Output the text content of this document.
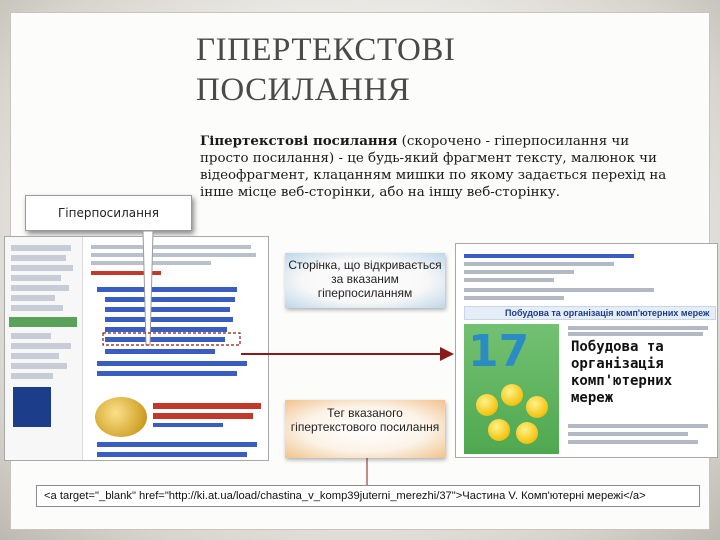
ГІПЕРТЕКСТОВІ
ПОСИЛАННЯ

Гіпертекстові посилання (скорочено - гіперпосилання чи просто посилання) - це будь-який фрагмент тексту, малюнок чи відеофрагмент, клацанням мишки по якому задається перехід на інше місце веб-сторінки, або на іншу веб-сторінку.

Гіперпосилання
Побудова та організація комп'ютерних мереж
17	Побудова та організація комп'ютерних мереж
Сторінка, що відкривається за вказаним гіперпосиланням
Тег вказаного гіпертекстового посилання
<a target="_blank" href="http://ki.at.ua/load/chastina_v_komp39juterni_merezhi/37">Частина V. Комп'ютерні мережі</a>
